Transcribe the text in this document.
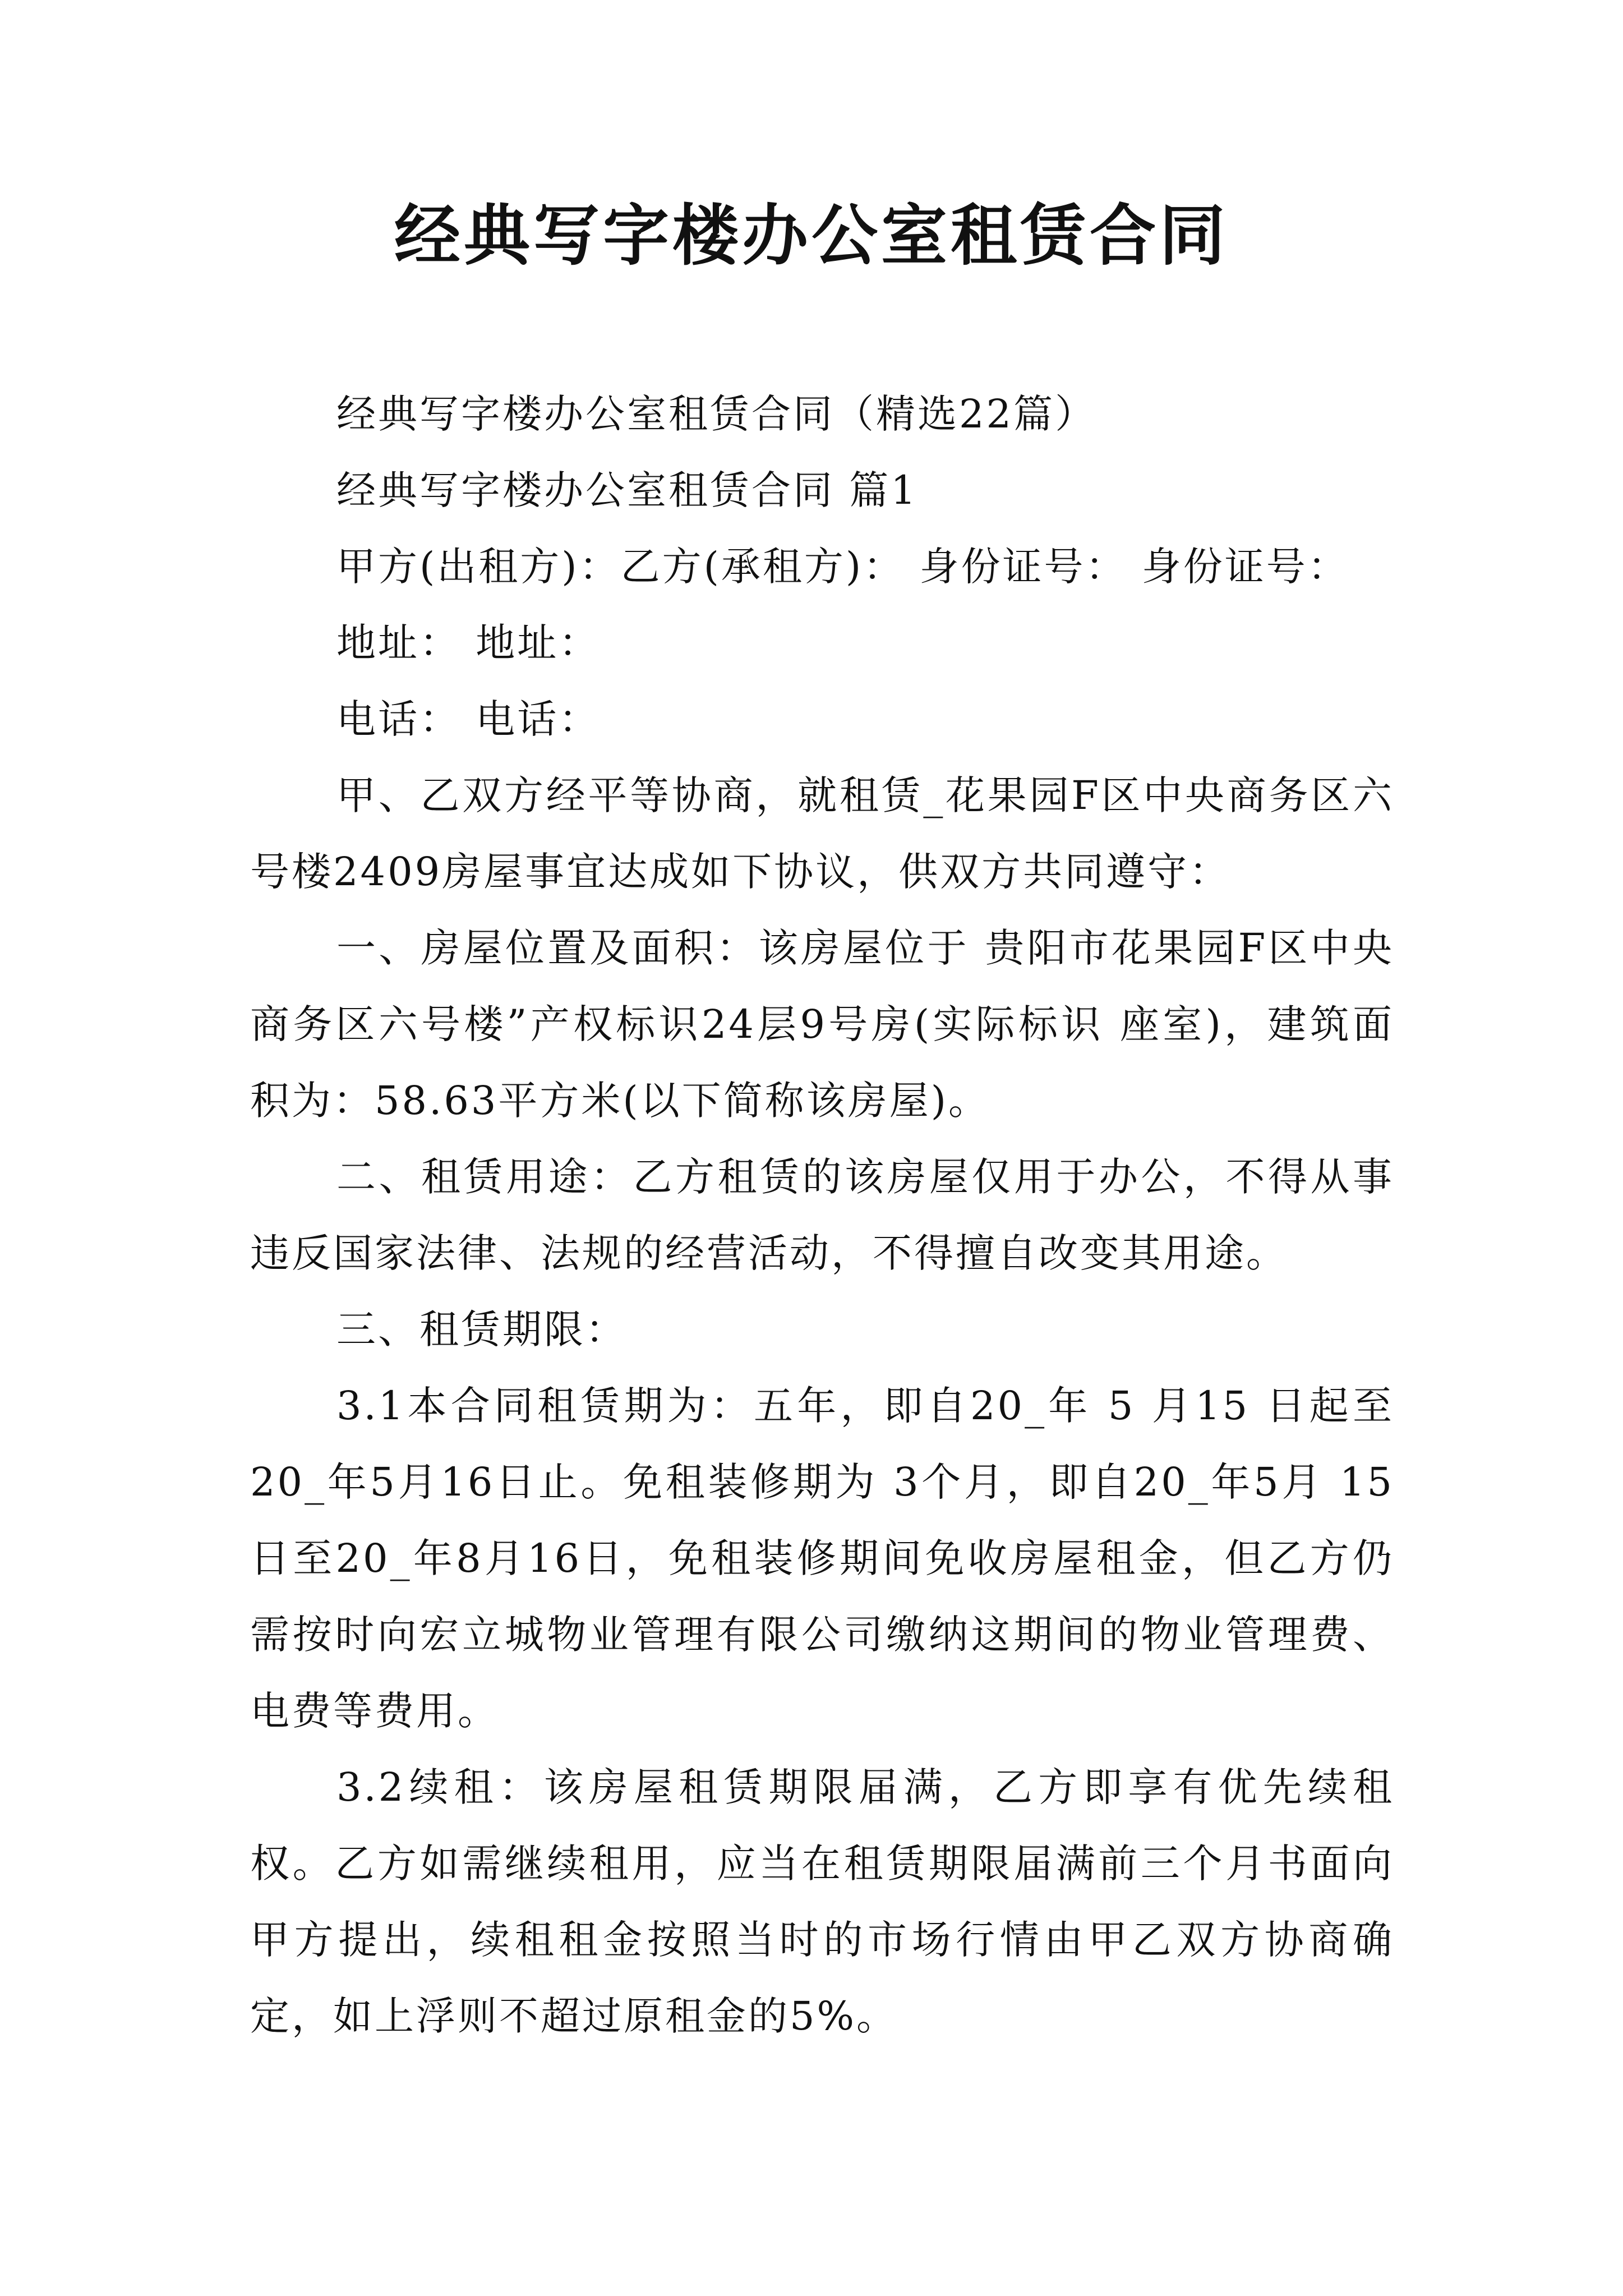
经典写字楼办公室租赁合同

经典写字楼办公室租赁合同（精选22篇）

经典写字楼办公室租赁合同 篇1

甲方(出租方)：乙方(承租方)： 身份证号： 身份证号：

地址： 地址：

电话： 电话：

甲、乙双方经平等协商，就租赁_花果园F区中央商务区六号楼2409房屋事宜达成如下协议，供双方共同遵守：

一、房屋位置及面积：该房屋位于 贵阳市花果园F区中央商务区六号楼”产权标识24层9号房(实际标识 座室)，建筑面积为：58.63平方米(以下简称该房屋)。

二、租赁用途：乙方租赁的该房屋仅用于办公，不得从事违反国家法律、法规的经营活动，不得擅自改变其用途。

三、租赁期限：

3.1本合同租赁期为：五年，即自20_年 5 月15 日起至 20_年5月16日止。免租装修期为 3个月，即自20_年5月 15日至20_年8月16日，免租装修期间免收房屋租金，但乙方仍需按时向宏立城物业管理有限公司缴纳这期间的物业管理费、电费等费用。

3.2续租：该房屋租赁期限届满，乙方即享有优先续租权。乙方如需继续租用，应当在租赁期限届满前三个月书面向甲方提出，续租租金按照当时的市场行情由甲乙双方协商确定，如上浮则不超过原租金的5%。
